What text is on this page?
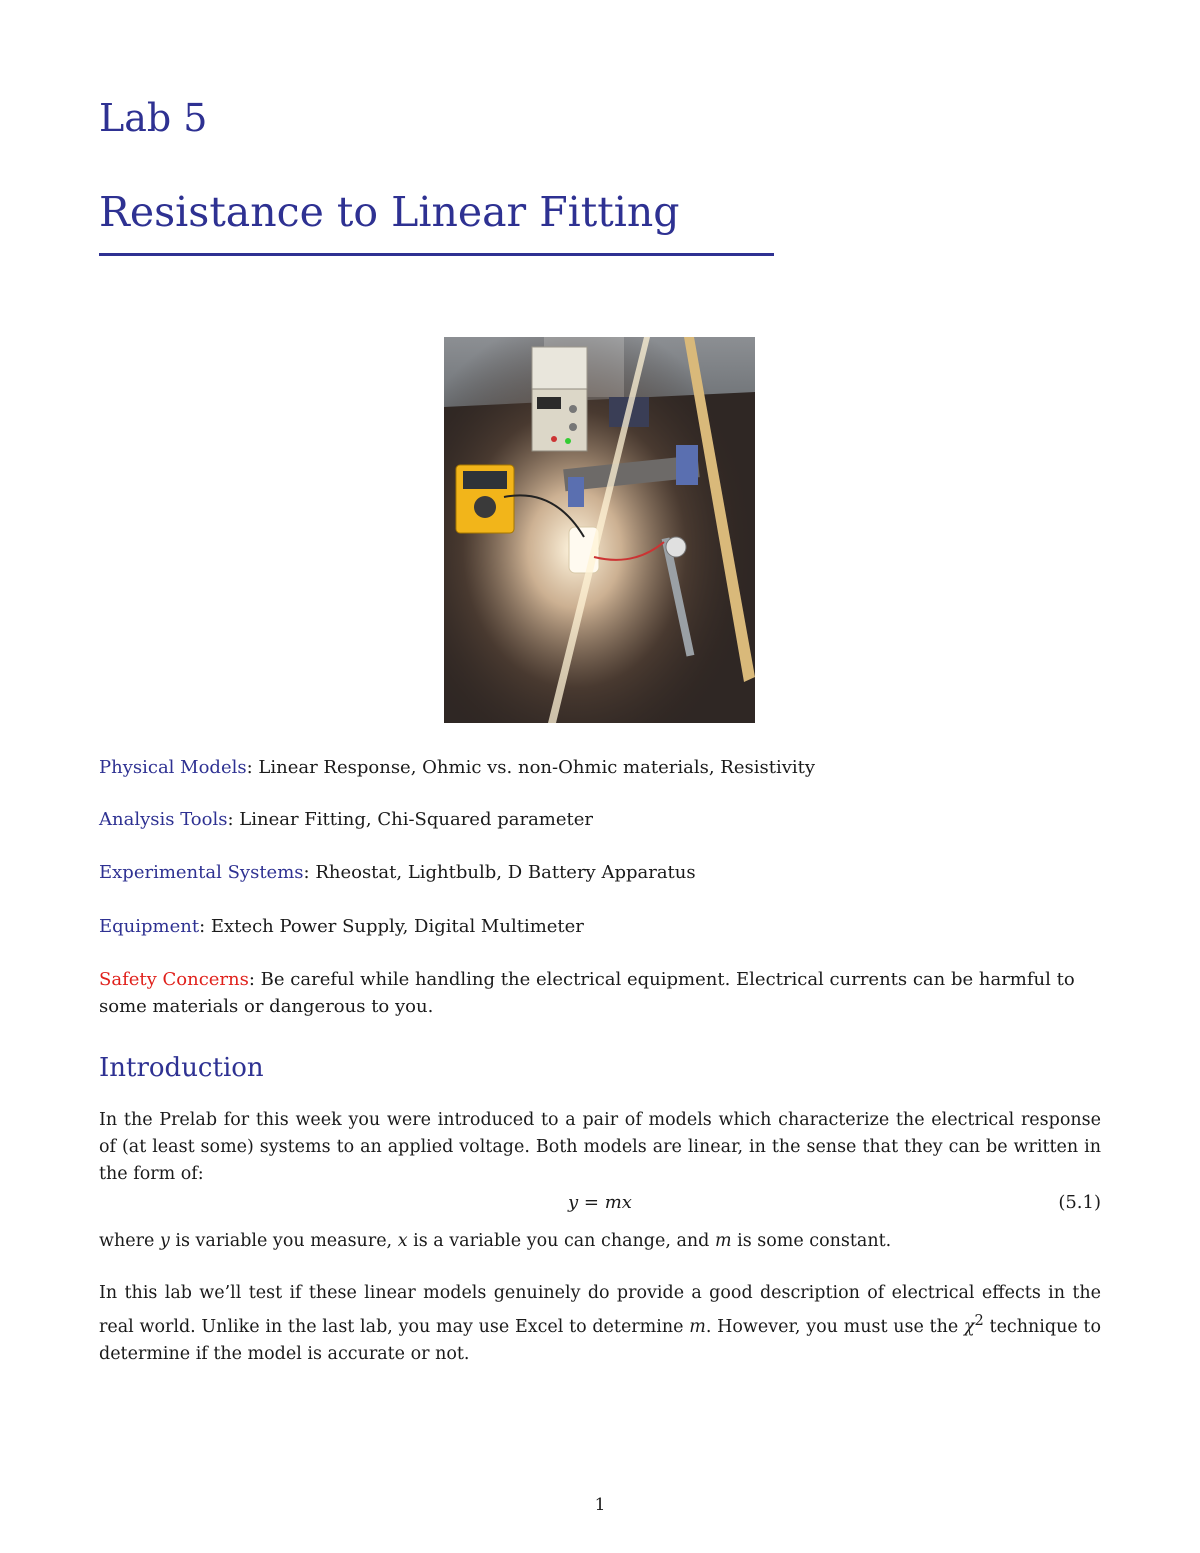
Lab 5
Resistance to Linear Fitting
Physical Models: Linear Response, Ohmic vs. non-Ohmic materials, Resistivity
Analysis Tools: Linear Fitting, Chi-Squared parameter
Experimental Systems: Rheostat, Lightbulb, D Battery Apparatus
Equipment: Extech Power Supply, Digital Multimeter
Safety Concerns: Be careful while handling the electrical equipment. Electrical currents can be harmful to some materials or dangerous to you.
Introduction

In the Prelab for this week you were introduced to a pair of models which characterize the electrical response of (at least some) systems to an applied voltage. Both models are linear, in the sense that they can be written in the form of:

y = mx	(5.1)

where y is variable you measure, x is a variable you can change, and m is some constant.

In this lab we’ll test if these linear models genuinely do provide a good description of electrical effects in the real world. Unlike in the last lab, you may use Excel to determine m. However, you must use the $\chi^2$ technique to determine if the model is accurate or not.

1
